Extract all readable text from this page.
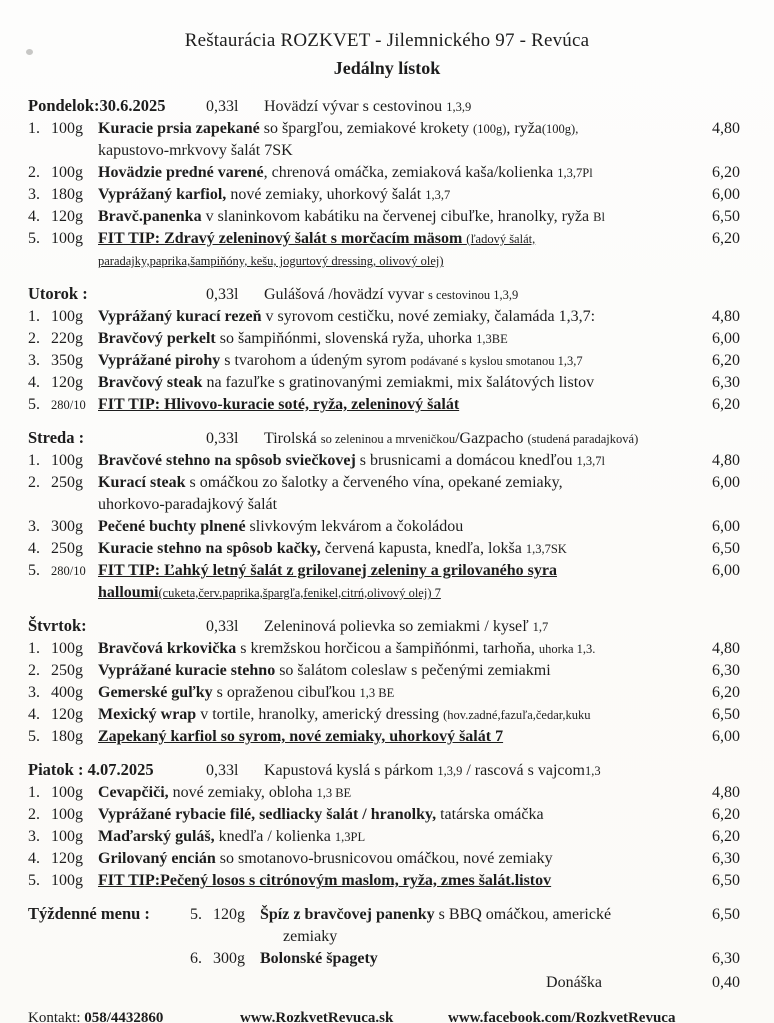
Reštaurácia ROZKVET - Jilemnického 97 - Revúca
Jedálny lístok
Pondelok:30.6.2025	0,33l	Hovädzí vývar s cestovinou 1,3,9
1. 100g Kuracie prsia zapekané so špargľou, zemiakové krokety (100g), ryža(100g),	4,80
kapustovo-mrkvovy šalát 7SK
2. 100g Hovädzie predné varené, chrenová omáčka, zemiaková kaša/kolienka 1,3,7Pl	6,20
3. 180g Vyprážaný karfiol, nové zemiaky, uhorkový šalát 1,3,7	6,00
4. 120g Bravč.panenka v slaninkovom kabátiku na červenej cibuľke, hranolky, ryža Bl	6,50
5. 100g FIT TIP: Zdravý zeleninový šalát s morčacím mäsom (ľadový šalát,	6,20
paradajky,paprika,šampiňóny, kešu, jogurtový dressing, olivový olej)
Utorok :	0,33l	Gulášová /hovädzí vyvar s cestovinou 1,3,9
1. 100g Vyprážaný kurací rezeň v syrovom cestičku, nové zemiaky, čalamáda 1,3,7:	4,80
2. 220g Bravčový perkelt so šampiňónmi, slovenská ryža, uhorka 1,3BE	6,00
3. 350g Vyprážané pirohy s tvarohom a údeným syrom podávané s kyslou smotanou 1,3,7	6,20
4. 120g Bravčový steak na fazuľke s gratinovanými zemiakmi, mix šalátových listov	6,30
5. 280/10 FIT TIP: Hlivovo-kuracie soté, ryža, zeleninový šalát	6,20
Streda :	0,33l	Tirolská so zeleninou a mrveničkou/Gazpacho (studená paradajková)
1. 100g Bravčové stehno na spôsob sviečkovej s brusnicami a domácou knedľou 1,3,7l	4,80
2. 250g Kurací steak s omáčkou zo šalotky a červeného vína, opekané zemiaky,	6,00
uhorkovo-paradajkový šalát
3. 300g Pečené buchty plnené slivkovým lekvárom a čokoládou	6,00
4. 250g Kuracie stehno na spôsob kačky, červená kapusta, knedľa, lokša 1,3,7SK	6,50
5. 280/10 FIT TIP: Ľahký letný šalát z grilovanej zeleniny a grilovaného syra	6,00
halloumi (cuketa,červ.paprika,špargľa,fenikel,citrń,olivový olej) 7
Štvrtok:	0,33l	Zeleninová polievka so zemiakmi / kyseľ 1,7
1. 100g Bravčová krkovička s kremžskou horčicou a šampiňónmi, tarhoňa, uhorka 1,3.	4,80
2. 250g Vyprážané kuracie stehno so šalátom coleslaw s pečenými zemiakmi	6,30
3. 400g Gemerské guľky s opraženou cibuľkou 1,3 BE	6,20
4. 120g Mexický wrap v tortile, hranolky, americký dressing (hov.zadné,fazuľa,čedar,kuku	6,50
5. 180g Zapekaný karfiol so syrom, nové zemiaky, uhorkový šalát 7	6,00
Piatok : 4.07.2025	0,33l	Kapustová kyslá s párkom 1,3,9 / rascová s vajcom1,3
1. 100g Cevapčiči, nové zemiaky, obloha 1,3 BE	4,80
2. 100g Vyprážané rybacie filé, sedliacky šalát / hranolky, tatárska omáčka	6,20
3. 100g Maďarský guláš, knedľa / kolienka 1,3PL	6,20
4. 120g Grilovaný encián so smotanovo-brusnicovou omáčkou, nové zemiaky	6,30
5. 100g FIT TIP:Pečený losos s citrónovým maslom, ryža, zmes šalát.listov	6,50
Týždenné menu :	5. 120g Špíz z bravčovej panenky s BBQ omáčkou, americké	6,50
zemiaky
6. 300g Bolonské špagety	6,30
Donáška	0,40
Kontakt: 058/4432860	www.RozkvetRevuca.sk	www.facebook.com/RozkvetRevuca
